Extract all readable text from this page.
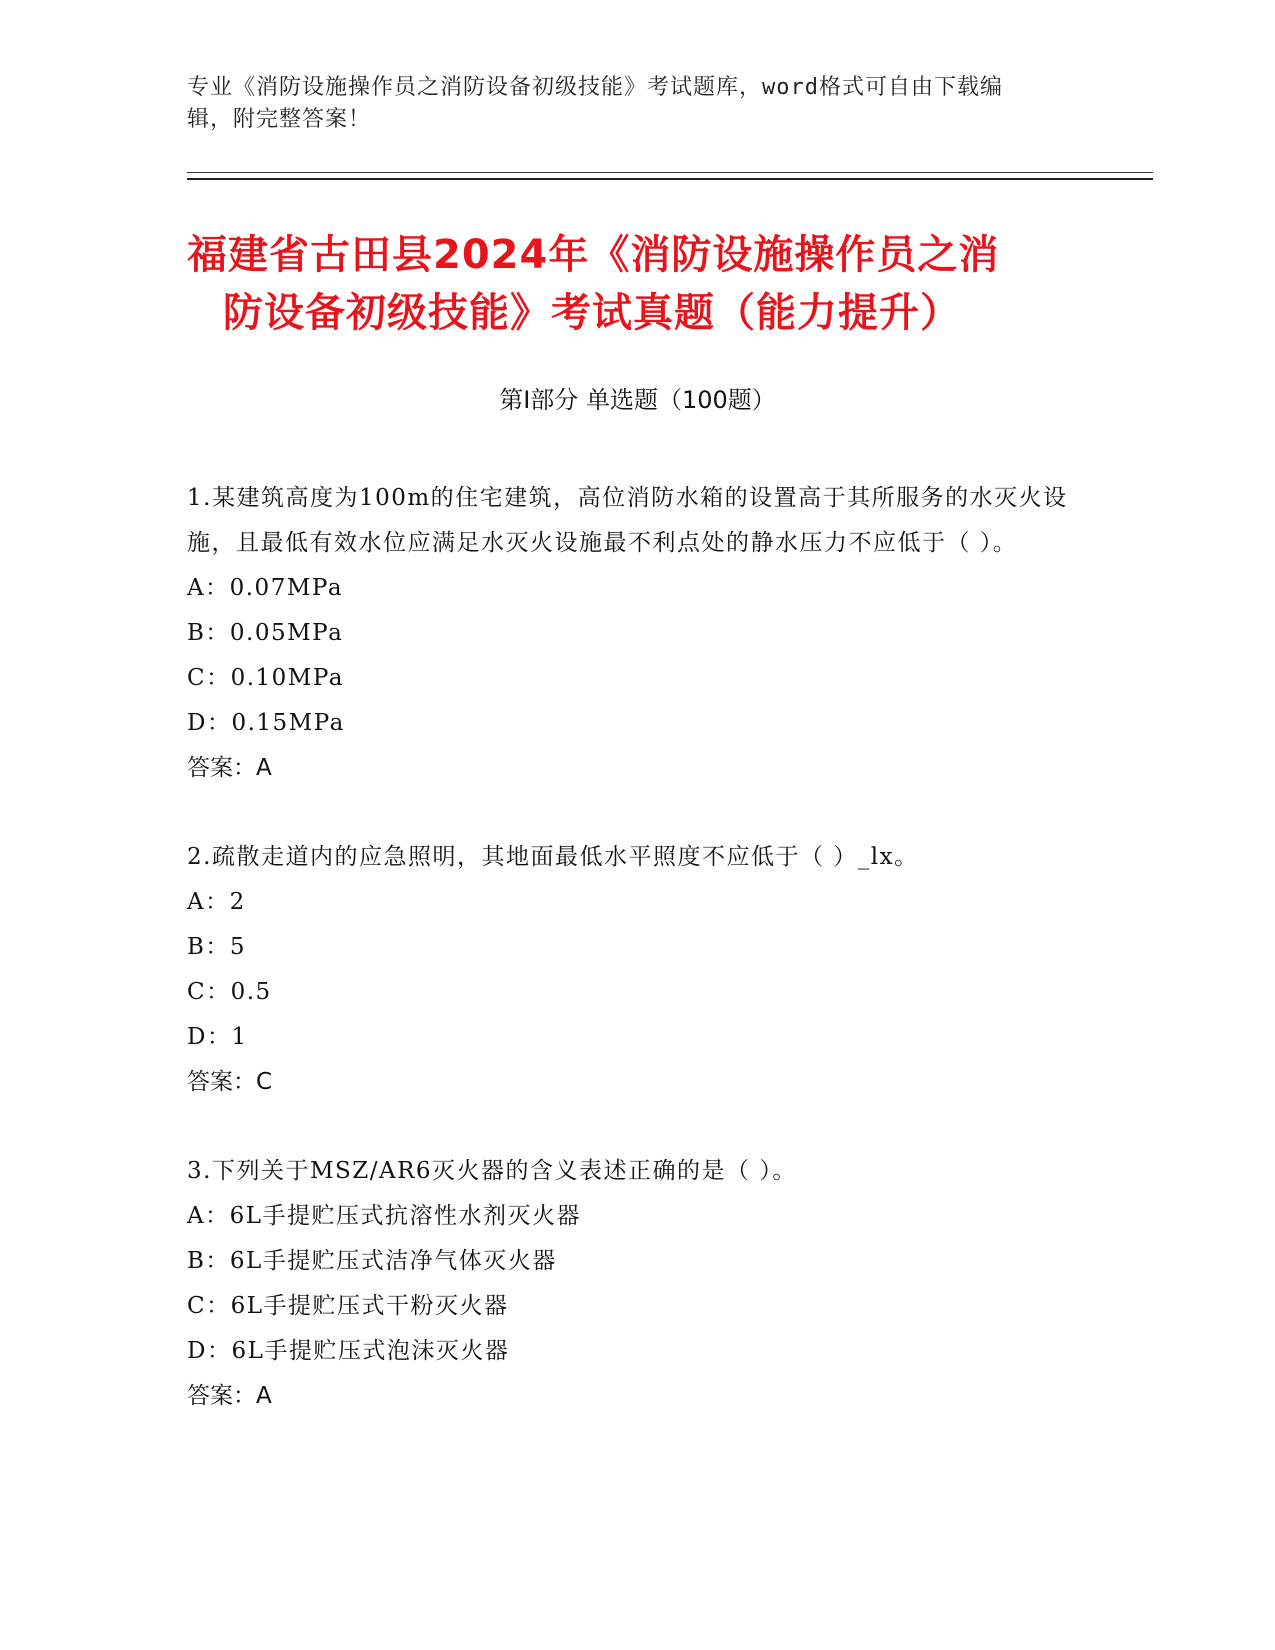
专业《消防设施操作员之消防设备初级技能》考试题库，word格式可自由下载编
辑，附完整答案！
福建省古田县2024年《消防设施操作员之消
防设备初级技能》考试真题（能力提升）
第Ⅰ部分 单选题（100题）

1.某建筑高度为100m的住宅建筑，高位消防水箱的设置高于其所服务的水灭火设施，且最低有效水位应满足水灭火设施最不利点处的静水压力不应低于（ ）。

A：0.07MPa
B：0.05MPa
C：0.10MPa
D：0.15MPa
答案：A

2.疏散走道内的应急照明，其地面最低水平照度不应低于（ ）_lx。

A：2
B：5
C：0.5
D：1
答案：C

3.下列关于MSZ/AR6灭火器的含义表述正确的是（ ）。

A：6L手提贮压式抗溶性水剂灭火器
B：6L手提贮压式洁净气体灭火器
C：6L手提贮压式干粉灭火器
D：6L手提贮压式泡沫灭火器
答案：A
